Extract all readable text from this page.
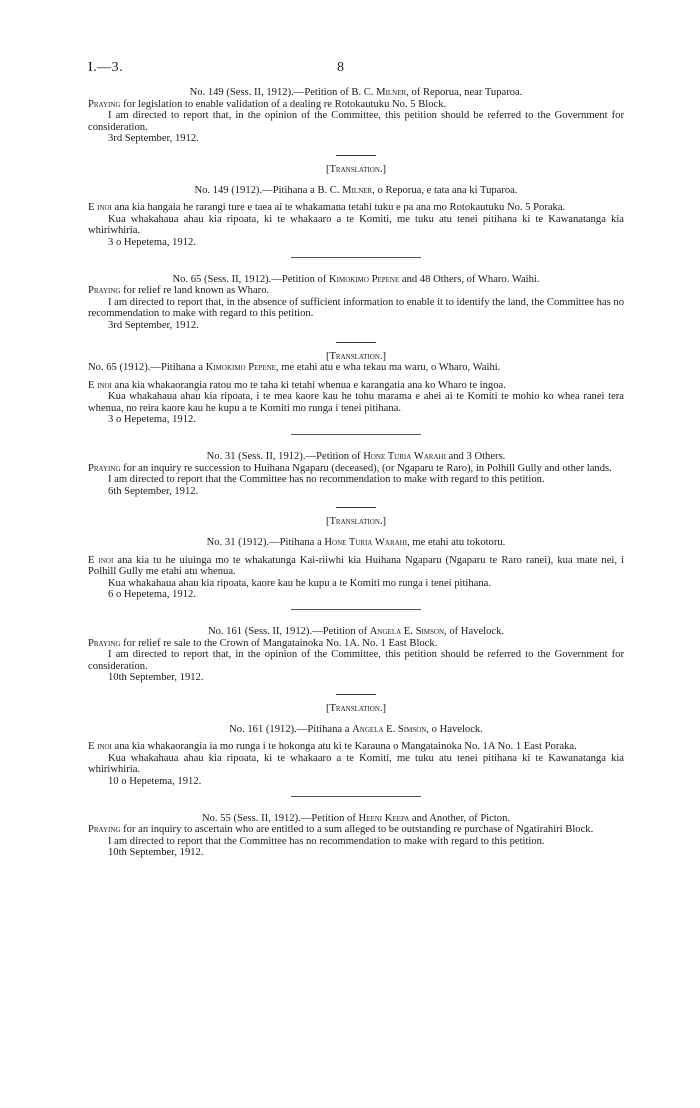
I.—3.	8

No. 149 (Sess. II, 1912).—Petition of B. C. Milner, of Reporua, near Tuparoa.

Praying for legislation to enable validation of a dealing re Rotokautuku No. 5 Block.

I am directed to report that, in the opinion of the Committee, this petition should be referred to the Government for consideration.

3rd September, 1912.

[Translation.]

No. 149 (1912).—Pitihana a B. C. Milner, o Reporua, e tata ana ki Tuparoa.

E inoi ana kia hangaia he rarangi ture e taea ai te whakamana tetahi tuku e pa ana mo Rotokautuku No. 5 Poraka.

Kua whakahaua ahau kia ripoata, ki te whakaaro a te Komiti, me tuku atu tenei pitihana ki te Kawanatanga kia whiriwhiria.

3 o Hepetema, 1912.

No. 65 (Sess. II, 1912).—Petition of Kimokimo Pepene and 48 Others, of Wharo. Waihi.

Praying for relief re land known as Wharo.

I am directed to report that, in the absence of sufficient information to enable it to identify the land, the Committee has no recommendation to make with regard to this petition.

3rd September, 1912.

[Translation.]

No. 65 (1912).—Pitihana a Kimokimo Pepene, me etahi atu e wha tekau ma waru, o Wharo, Waihi.

E inoi ana kia whakaorangia ratou mo te taha ki tetahi whenua e karangatia ana ko Wharo te ingoa.

Kua whakahaua ahau kia ripoata, i te mea kaore kau he tohu marama e ahei ai te Komiti te mohio ko whea ranei tera whenua, no reira kaore kau he kupu a te Komiti mo runga i tenei pitihana.

3 o Hepetema, 1912.

No. 31 (Sess. II, 1912).—Petition of Hone Turia Warahi and 3 Others.

Praying for an inquiry re succession to Huihana Ngaparu (deceased), (or Ngaparu te Raro), in Polhill Gully and other lands.

I am directed to report that the Committee has no recommendation to make with regard to this petition.

6th September, 1912.

[Translation.]

No. 31 (1912).—Pitihana a Hone Turia Warahi, me etahi atu tokotoru.

E inoi ana kia tu he uiuinga mo te whakatunga Kai-riiwhi kia Huihana Ngaparu (Ngaparu te Raro ranei), kua mate nei, i Polhill Gully me etahi atu whenua.

Kua whakahaua ahau kia ripoata, kaore kau he kupu a te Komiti mo runga i tenei pitihana.

6 o Hepetema, 1912.

No. 161 (Sess. II, 1912).—Petition of Angela E. Simson, of Havelock.

Praying for relief re sale to the Crown of Mangatainoka No. 1A. No. 1 East Block.

I am directed to report that, in the opinion of the Committee, this petition should be referred to the Government for consideration.

10th September, 1912.

[Translation.]

No. 161 (1912).—Pitihana a Angela E. Simson, o Havelock.

E inoi ana kia whakaorangia ia mo runga i te hokonga atu ki te Karauna o Mangatainoka No. 1A No. 1 East Poraka.

Kua whakahaua ahau kia ripoata, ki te whakaaro a te Komiti, me tuku atu tenei pitihana ki te Kawanatanga kia whiriwhiria.

10 o Hepetema, 1912.

No. 55 (Sess. II, 1912).—Petition of Heeni Keepa and Another, of Picton.

Praying for an inquiry to ascertain who are entitled to a sum alleged to be outstanding re purchase of Ngatirahiri Block.

I am directed to report that the Committee has no recommendation to make with regard to this petition.

10th September, 1912.
